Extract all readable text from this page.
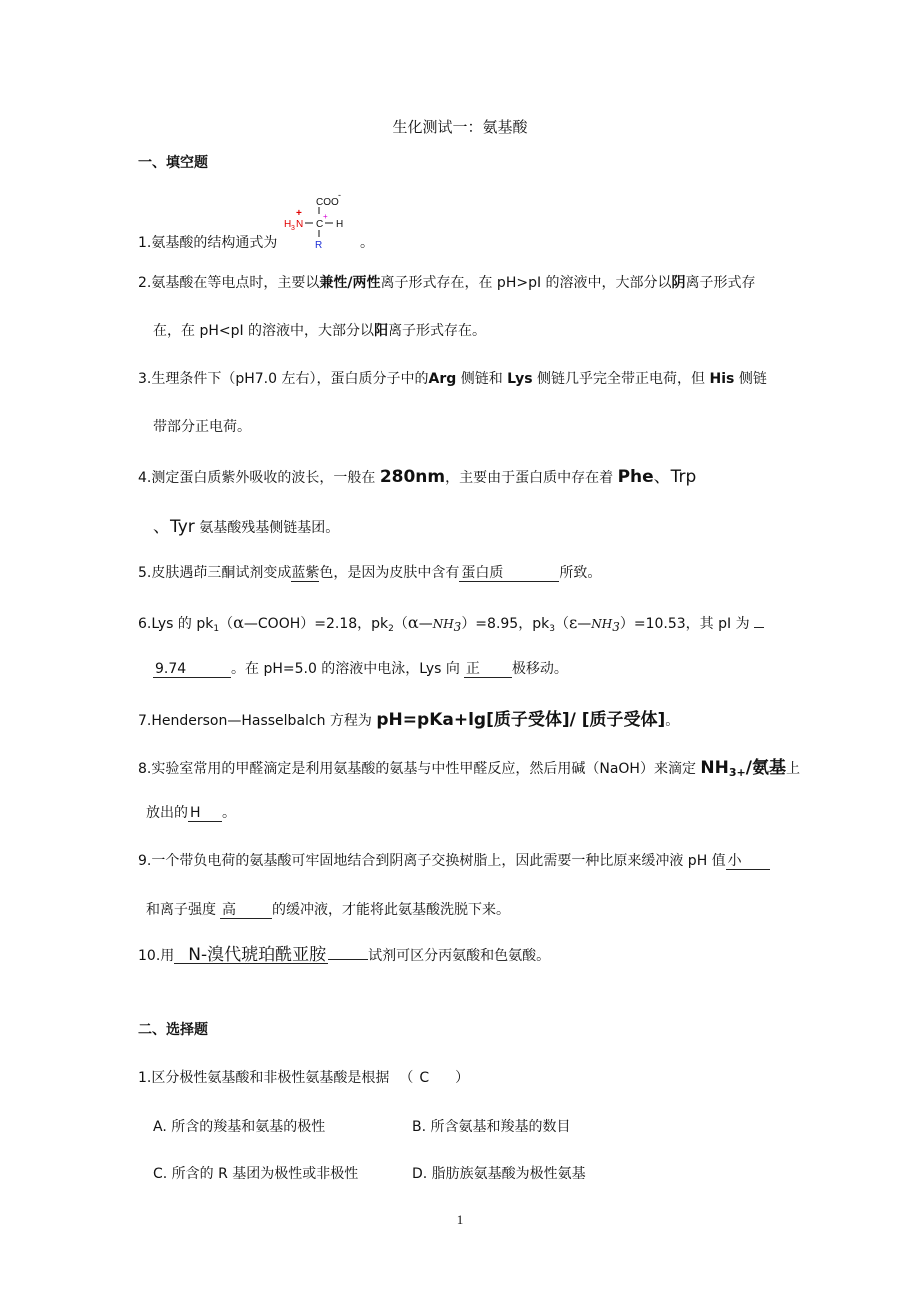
生化测试一：氨基酸
一、填空题
1.氨基酸的结构通式为
COO
-
+
H 3 N C
+
H
R	。
2.氨基酸在等电点时，主要以兼性/两性离子形式存在，在 pH>pI 的溶液中，大部分以阴离子形式存
在，在 pH<pI 的溶液中，大部分以阳离子形式存在。
3.生理条件下（pH7.0 左右），蛋白质分子中的Arg 侧链和 Lys 侧链几乎完全带正电荷，但 His 侧链
带部分正电荷。
4.测定蛋白质紫外吸收的波长，一般在 280nm，主要由于蛋白质中存在着 Phe、Trp
、Tyr 氨基酸残基侧链基团。
5.皮肤遇茚三酮试剂变成蓝紫色，是因为皮肤中含有 蛋白质	所致。
6.Lys 的 $pk_1(\alpha—COOH)=2.18$，$pk_2(\alpha—NH3)=8.95$，$pk_3(\varepsilon—NH3)=10.53$，其 pI 为
9.74	。在 pH=5.0 的溶液中电泳，Lys 向 正 极移动。
7.Henderson—Hasselbalch 方程为 pH=pKa+lg[质子受体]/ [质子受体]。
8.实验室常用的甲醛滴定是利用氨基酸的氨基与中性甲醛反应，然后用碱（NaOH）来滴定 $NH_{3+}/$氨基上
放出的 H 。
9.一个带负电荷的氨基酸可牢固地结合到阴离子交换树脂上，因此需要一种比原来缓冲液 pH 值 小
和离子强度 高	的缓冲液，才能将此氨基酸洗脱下来。
10.用 N-溴代琥珀酰亚胺	试剂可区分丙氨酸和色氨酸。
二、选择题
1.区分极性氨基酸和非极性氨基酸是根据 （ C ）
A. 所含的羧基和氨基的极性	B. 所含氨基和羧基的数目
C. 所含的 R 基团为极性或非极性	D. 脂肪族氨基酸为极性氨基
1
